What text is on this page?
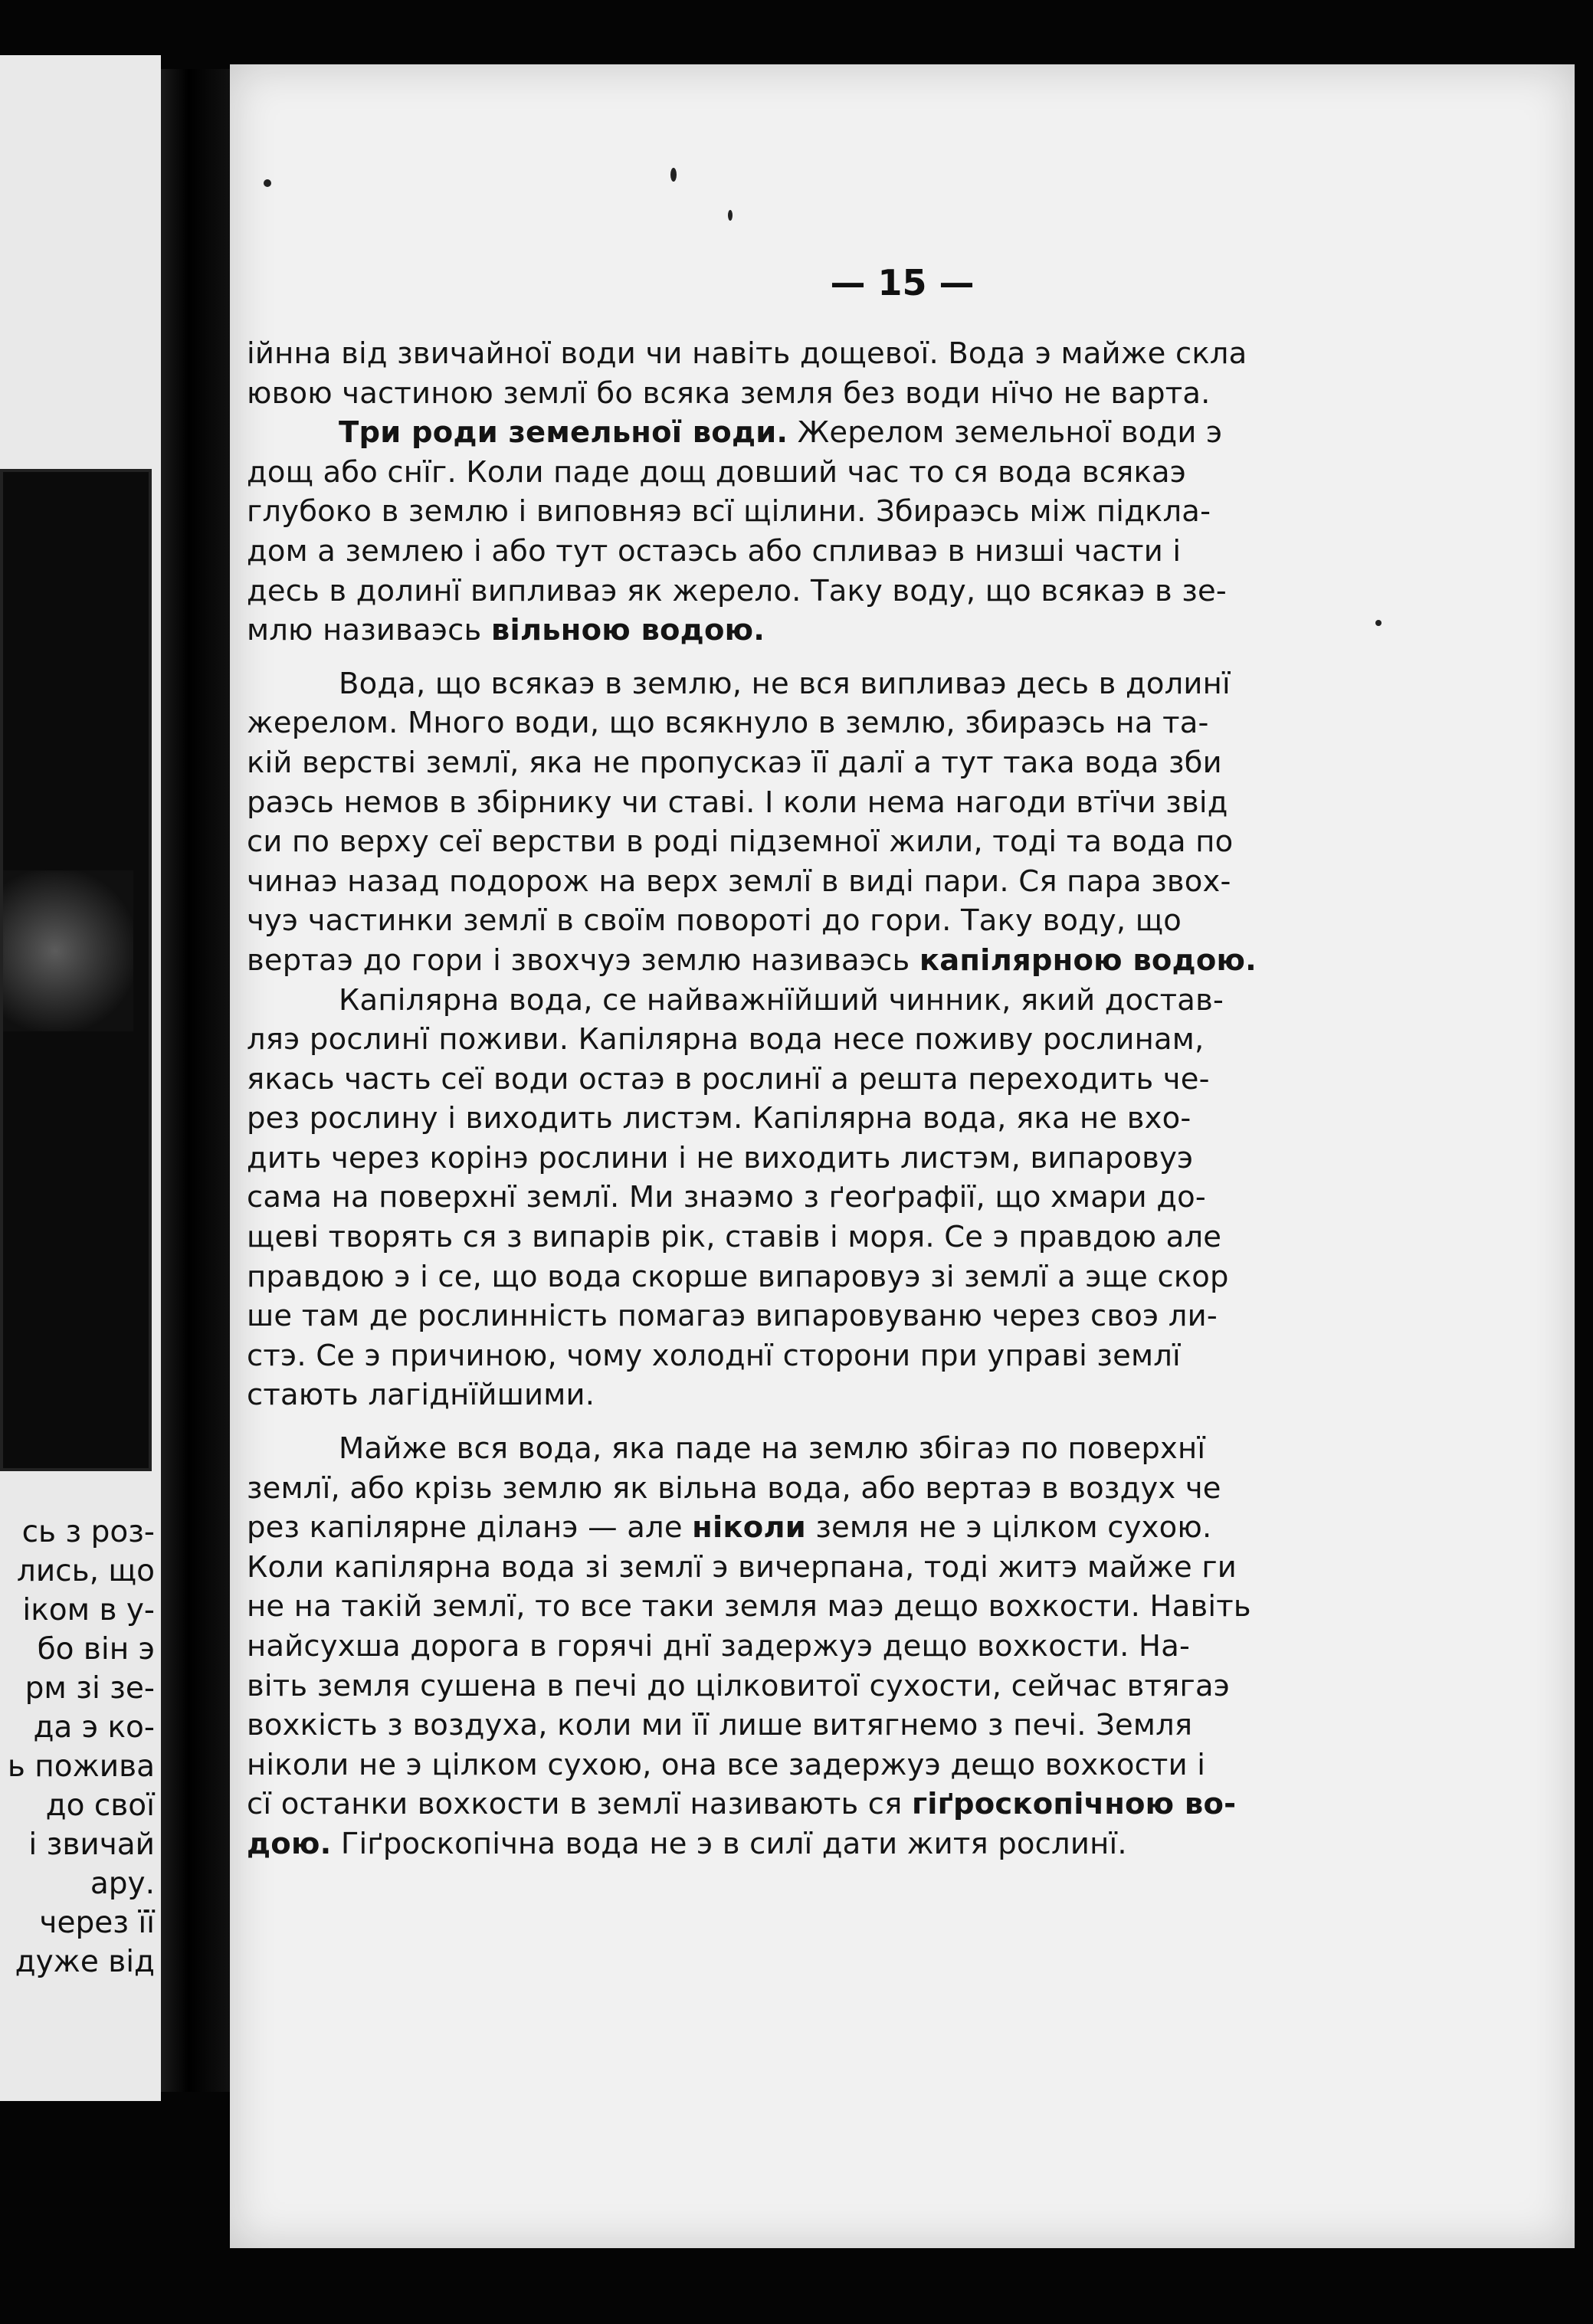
сь з роз-
лись, що
іком в у-
бо він э
рм зі зе-
да э ко-
ь пожива
до свої
і звичай
ару.
через її
дуже від
— 15 —
ійнна від звичайної води чи навіть дощевої. Вода э майже скла
ювою частиною землї бо всяка земля без води нїчо не варта.
Три роди земельної води. Жерелом земельної води э
дощ або снїг. Коли паде дощ довший час то ся вода всякаэ
глубоко в землю і виповняэ всї щілини. Збираэсь між підкла-
дом а землею і або тут остаэсь або спливаэ в низші части і
десь в долинї випливаэ як жерело. Таку воду, що всякаэ в зе-
млю називаэсь вільною водою.
Вода, що всякаэ в землю, не вся випливаэ десь в долинї
жерелом. Много води, що всякнуло в землю, збираэсь на та-
кій верстві землї, яка не пропускаэ її далї а тут така вода зби
раэсь немов в збірнику чи ставі. І коли нема нагоди втїчи звід
си по верху сеї верстви в роді підземної жили, тоді та вода по
чинаэ назад подорож на верх землї в виді пари. Ся пара звох-
чуэ частинки землї в своїм повороті до гори. Таку воду, що
вертаэ до гори і звохчуэ землю називаэсь капілярною водою.
Капілярна вода, се найважнїйший чинник, який достав-
ляэ рослинї поживи. Капілярна вода несе поживу рослинам,
якась часть сеї води остаэ в рослинї а решта переходить че-
рез рослину і виходить листэм. Капілярна вода, яка не вхо-
дить через корінэ рослини і не виходить листэм, випаровуэ
сама на поверхнї землї. Ми знаэмо з ґеоґрафії, що хмари до-
щеві творять ся з випарів рік, ставів і моря. Се э правдою але
правдою э і се, що вода скорше випаровуэ зі землї а эще скор
ше там де рослинність помагаэ випаровуваню через своэ ли-
стэ. Се э причиною, чому холоднї сторони при управі землї
стають лагіднїйшими.
Майже вся вода, яка паде на землю збігаэ по поверхнї
землї, або крізь землю як вільна вода, або вертаэ в воздух че
рез капілярне діланэ — але ніколи земля не э цілком сухою.
Коли капілярна вода зі землї э вичерпана, тоді житэ майже ги
не на такій землї, то все таки земля маэ дещо вохкости. Навіть
найсухша дорога в горячі днї задержуэ дещо вохкости. На-
віть земля сушена в печі до цілковитої сухости, сейчас втягаэ
вохкість з воздуха, коли ми її лише витягнемо з печі. Земля
ніколи не э цілком сухою, она все задержуэ дещо вохкости і
сї останки вохкости в землї називають ся гіґроскопічною во-
дою. Гіґроскопічна вода не э в силї дати житя рослинї.
